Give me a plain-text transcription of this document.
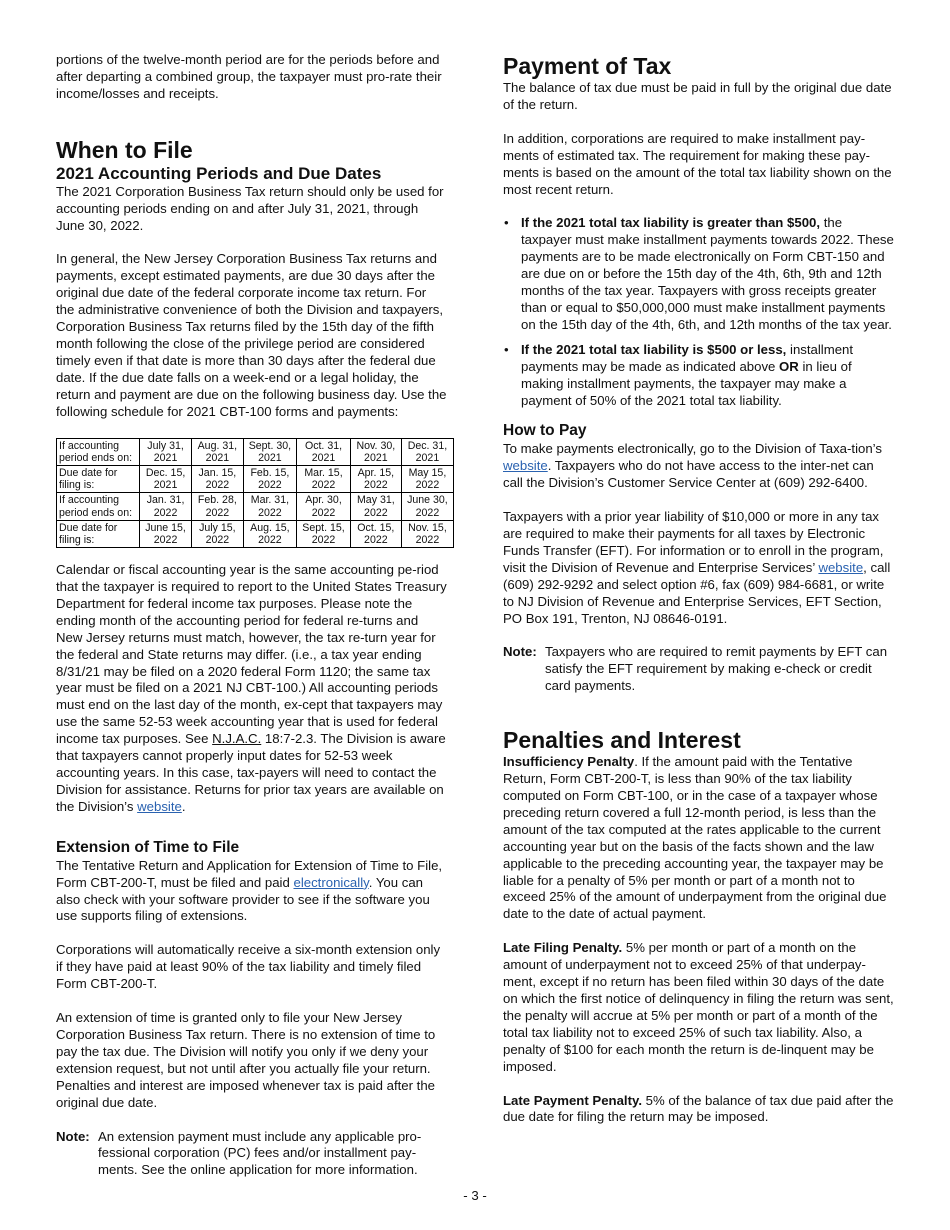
portions of the twelve-month period are for the periods before and after departing a combined group, the taxpayer must pro-rate their income/losses and receipts.

When to File
2021 Accounting Periods and Due Dates

The 2021 Corporation Business Tax return should only be used for accounting periods ending on and after July 31, 2021, through June 30, 2022.

In general, the New Jersey Corporation Business Tax returns and payments, except estimated payments, are due 30 days after the original due date of the federal corporate income tax return. For the administrative convenience of both the Division and taxpayers, Corporation Business Tax returns filed by the 15th day of the fifth month following the close of the privilege period are considered timely even if that date is more than 30 days after the federal due date. If the due date falls on a week-end or a legal holiday, the return and payment are due on the following business day. Use the following schedule for 2021 CBT-100 forms and payments:

If accounting period ends on:	July 31, 2021	Aug. 31, 2021	Sept. 30, 2021	Oct. 31, 2021	Nov. 30, 2021	Dec. 31, 2021
Due date for filing is:	Dec. 15, 2021	Jan. 15, 2022	Feb. 15, 2022	Mar. 15, 2022	Apr. 15, 2022	May 15, 2022
If accounting period ends on:	Jan. 31, 2022	Feb. 28, 2022	Mar. 31, 2022	Apr. 30, 2022	May 31, 2022	June 30, 2022
Due date for filing is:	June 15, 2022	July 15, 2022	Aug. 15, 2022	Sept. 15, 2022	Oct. 15, 2022	Nov. 15, 2022

Calendar or fiscal accounting year is the same accounting pe-riod that the taxpayer is required to report to the United States Treasury Department for federal income tax purposes. Please note the ending month of the accounting period for federal re-turns and New Jersey returns must match, however, the tax re-turn year for the federal and State returns may differ. (i.e., a tax year ending 8/31/21 may be filed on a 2020 federal Form 1120; the same tax year must be filed on a 2021 NJ CBT-100.) All accounting periods must end on the last day of the month, ex-cept that taxpayers may use the same 52-53 week accounting year that is used for federal income tax purposes. See N.J.A.C. 18:7-2.3. The Division is aware that taxpayers cannot properly input dates for 52-53 week accounting years. In this case, tax-payers will need to contact the Division for assistance. Returns for prior tax years are available on the Division’s website.

Extension of Time to File

The Tentative Return and Application for Extension of Time to File, Form CBT-200-T, must be filed and paid electronically. You can also check with your software provider to see if the software you use supports filing of extensions.

Corporations will automatically receive a six-month extension only if they have paid at least 90% of the tax liability and timely filed Form CBT-200-T.

An extension of time is granted only to file your New Jersey Corporation Business Tax return. There is no extension of time to pay the tax due. The Division will notify you only if we deny your extension request, but not until after you actually file your return. Penalties and interest are imposed whenever tax is paid after the original due date.

Note: An extension payment must include any applicable pro-fessional corporation (PC) fees and/or installment pay-ments. See the online application for more information.
Payment of Tax

The balance of tax due must be paid in full by the original due date of the return.

In addition, corporations are required to make installment pay-ments of estimated tax. The requirement for making these pay-ments is based on the amount of the total tax liability shown on the most recent return.

• If the 2021 total tax liability is greater than $500, the taxpayer must make installment payments towards 2022. These payments are to be made electronically on Form CBT-150 and are due on or before the 15th day of the 4th, 6th, 9th and 12th months of the tax year. Taxpayers with gross receipts greater than or equal to $50,000,000 must make installment payments on the 15th day of the 4th, 6th, and 12th months of the tax year.
• If the 2021 total tax liability is $500 or less, installment payments may be made as indicated above OR in lieu of making installment payments, the taxpayer may make a payment of 50% of the 2021 total tax liability.
How to Pay

To make payments electronically, go to the Division of Taxa-tion’s website. Taxpayers who do not have access to the inter-net can call the Division’s Customer Service Center at (609) 292-6400.

Taxpayers with a prior year liability of $10,000 or more in any tax are required to make their payments for all taxes by Electronic Funds Transfer (EFT). For information or to enroll in the program, visit the Division of Revenue and Enterprise Services’ website, call (609) 292-9292 and select option #6, fax (609) 984-6681, or write to NJ Division of Revenue and Enterprise Services, EFT Section, PO Box 191, Trenton, NJ 08646-0191.

Note: Taxpayers who are required to remit payments by EFT can satisfy the EFT requirement by making e-check or credit card payments.
Penalties and Interest

Insufficiency Penalty. If the amount paid with the Tentative Return, Form CBT-200-T, is less than 90% of the tax liability computed on Form CBT-100, or in the case of a taxpayer whose preceding return covered a full 12-month period, is less than the amount of the tax computed at the rates applicable to the current accounting year but on the basis of the facts shown and the law applicable to the preceding accounting year, the taxpayer may be liable for a penalty of 5% per month or part of a month not to exceed 25% of the amount of underpayment from the original due date to the date of actual payment.

Late Filing Penalty. 5% per month or part of a month on the amount of underpayment not to exceed 25% of that underpay-ment, except if no return has been filed within 30 days of the date on which the first notice of delinquency in filing the return was sent, the penalty will accrue at 5% per month or part of a month of the total tax liability not to exceed 25% of such tax liability. Also, a penalty of $100 for each month the return is de-linquent may be imposed.

Late Payment Penalty. 5% of the balance of tax due paid after the due date for filing the return may be imposed.

- 3 -
